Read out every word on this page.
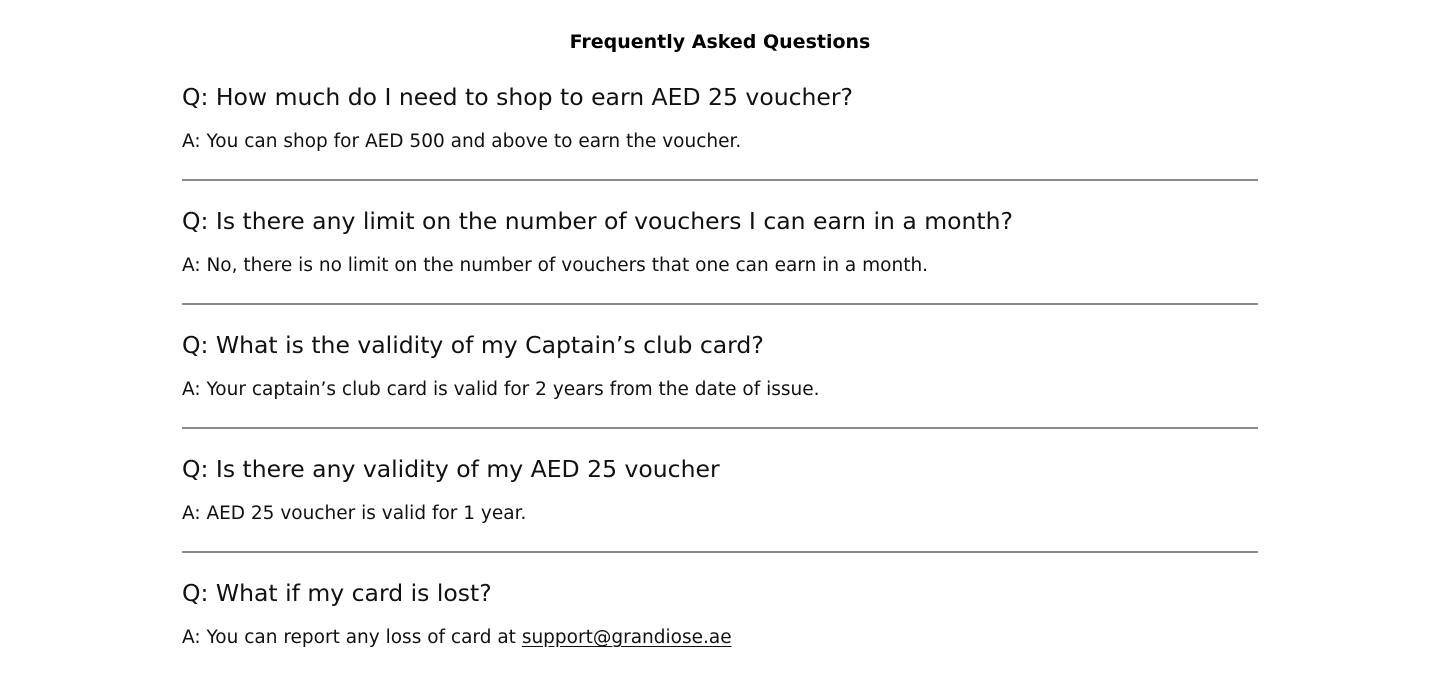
Frequently Asked Questions
Q: How much do I need to shop to earn AED 25 voucher?
A: You can shop for AED 500 and above to earn the voucher.
Q: Is there any limit on the number of vouchers I can earn in a month?
A: No, there is no limit on the number of vouchers that one can earn in a month.
Q: What is the validity of my Captain’s club card?
A: Your captain’s club card is valid for 2 years from the date of issue.
Q: Is there any validity of my AED 25 voucher
A: AED 25 voucher is valid for 1 year.
Q: What if my card is lost?
A: You can report any loss of card at support@grandiose.ae
